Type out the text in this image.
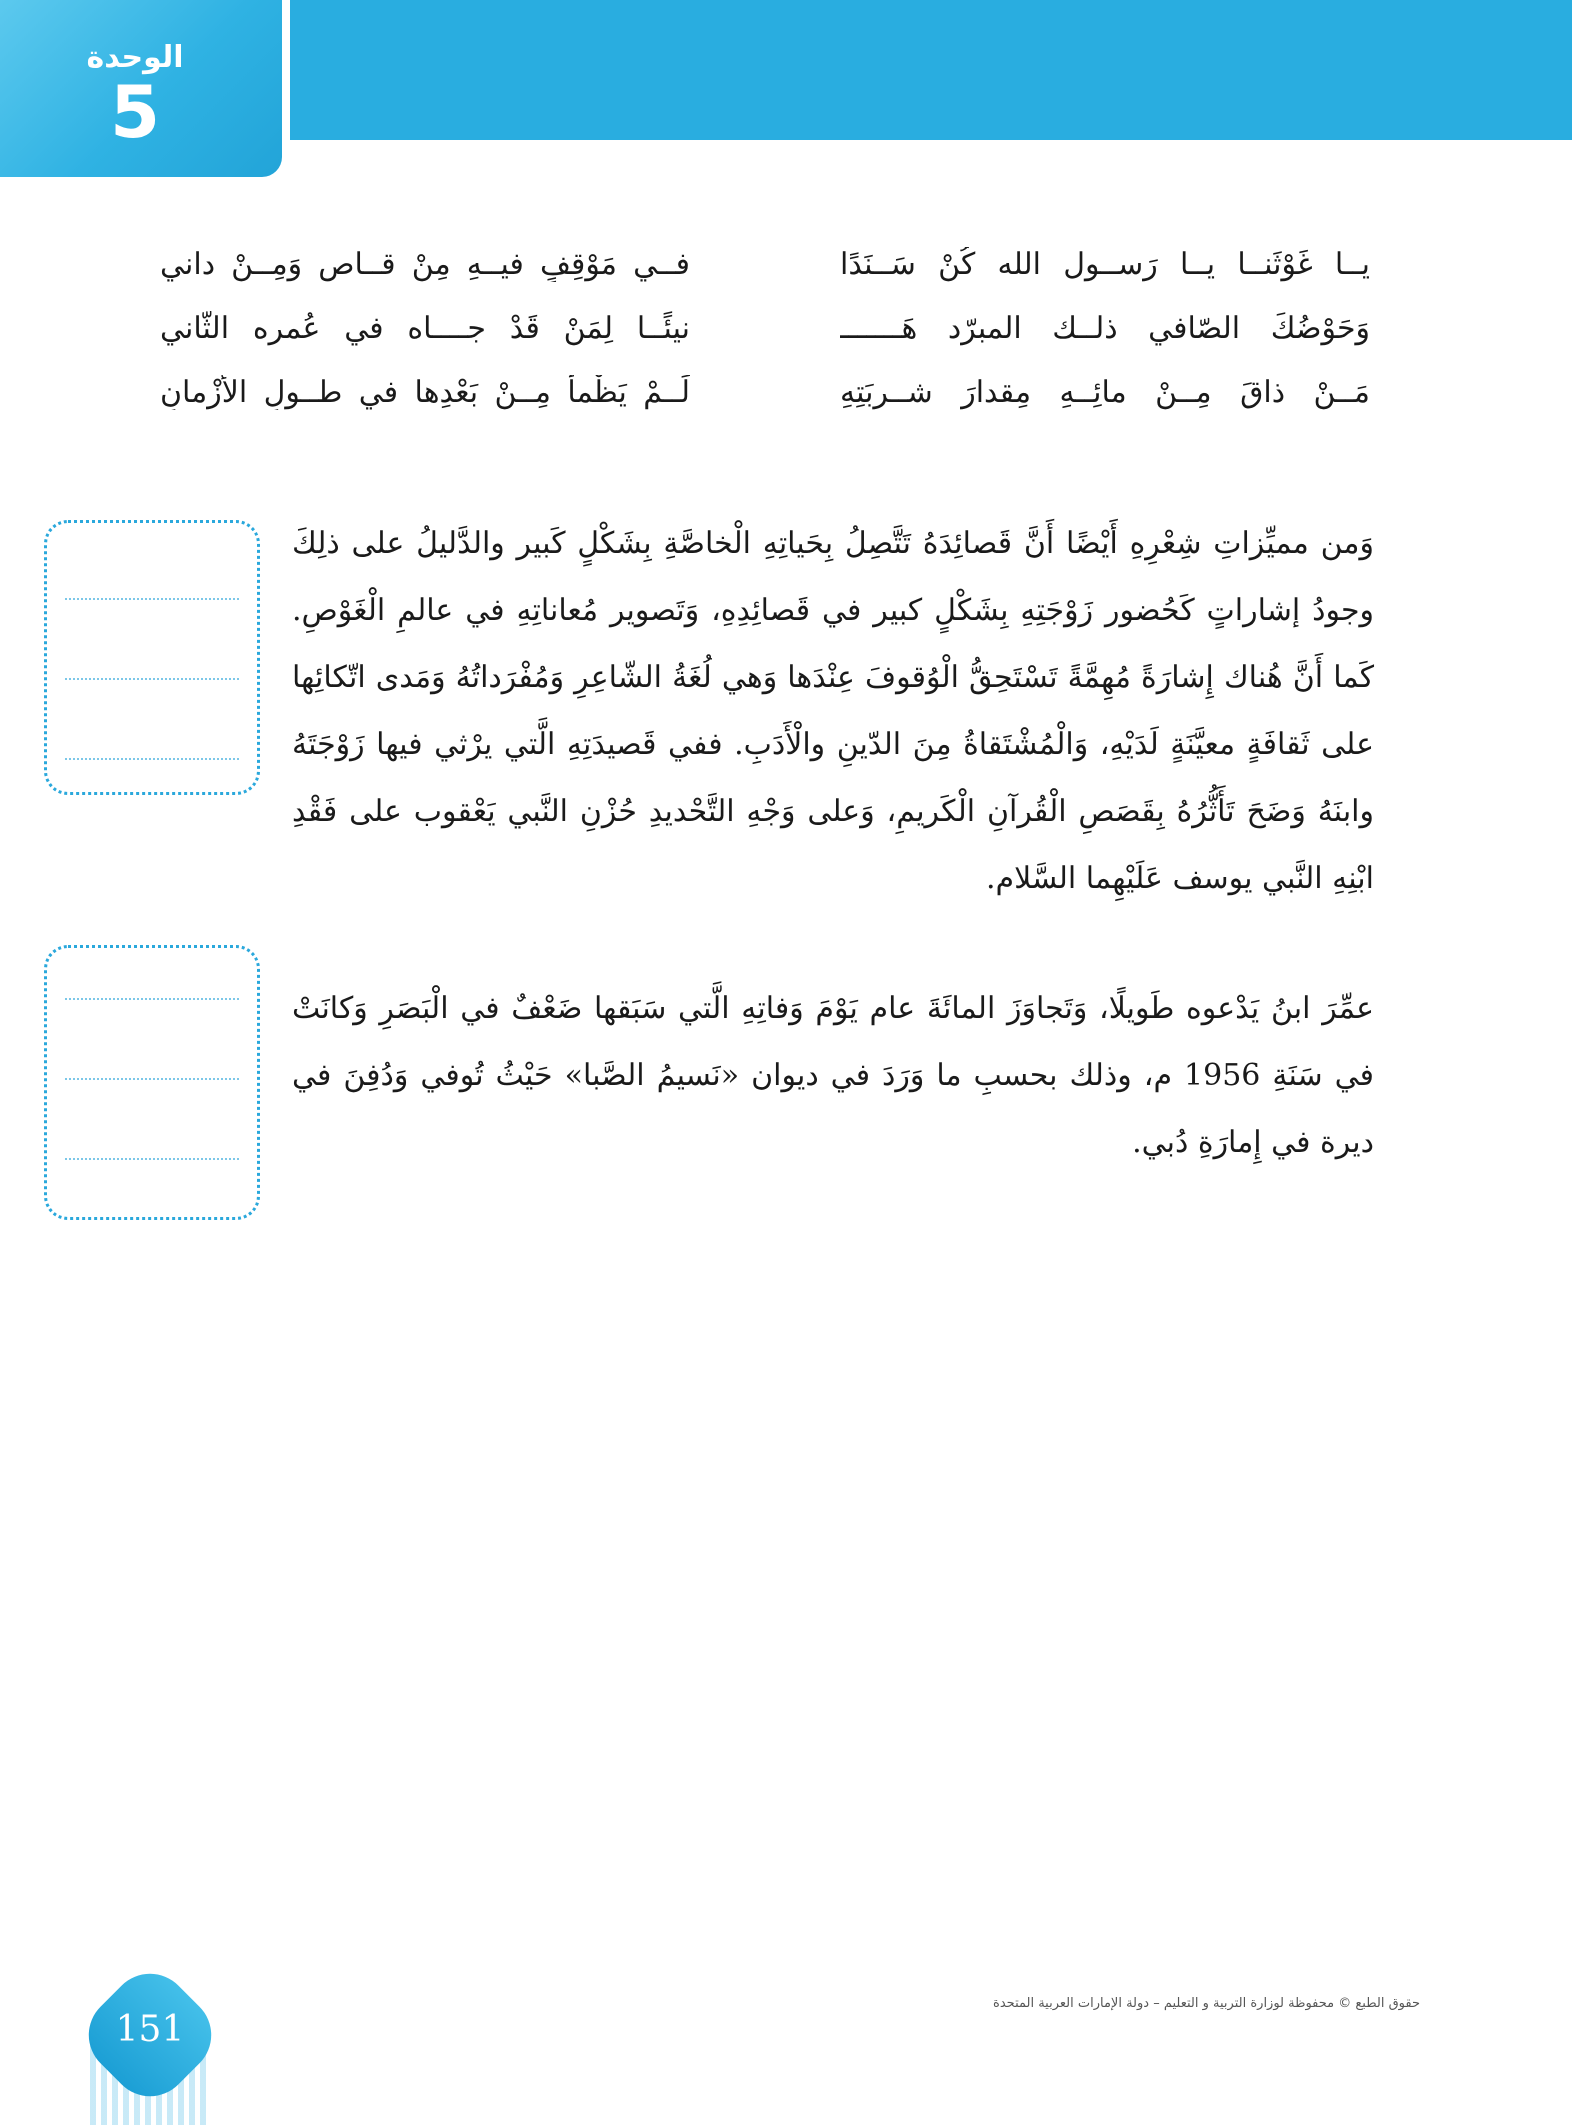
الوحدة
5
يــا غَوْثَنــا يــا رَســول الله كُنْ سَــنَدًا
فــي مَوْقِفٍ فيــهِ مِنْ قــاصٍ وَمِــنْ داني
وَحَوْضُكَ الصّافي ذلــك المبرّد هَـــــــ
نيئًــا لِمَنْ قَدْ جــــاه في عُمرِه الثّاني
مَــنْ ذاقَ مِــنْ مائِــهِ مِقدارَ شــربَتِهِ
لَــمْ يَظْمأْ مِــنْ بَعْدِها في طــولِ الأَزْمانِ
وَمن مميِّزاتِ شِعْرِهِ أَيْضًا أَنَّ قَصائِدَهُ تَتَّصِلُ بِحَياتِهِ الْخاصَّةِ بِشَكْلٍ كَبير والدَّليلُ على ذلِكَ وجودُ إشاراتٍ كَحُضور زَوْجَتِهِ بِشَكْلٍ كبير في قَصائِدِهِ، وَتَصوير مُعاناتِهِ في عالمِ الْغَوْصِ. كَما أَنَّ هُناك إِشارَةً مُهِمَّةً تَسْتَحِقُّ الْوُقوفَ عِنْدَها وَهي لُغَةُ الشّاعِرِ وَمُفْرَداتُهُ وَمَدى اتّكائِها على ثَقافَةٍ معيَّنَةٍ لَدَيْهِ، وَالْمُشْتَقاةُ مِنَ الدّينِ والْأَدَبِ. ففي قَصيدَتِهِ الَّتي يرْثي فيها زَوْجَتَهُ وابنَهُ وَضَحَ تَأَثُّرُهُ بِقَصَصِ الْقُرآنِ الْكَريمِ، وَعلى وَجْهِ التَّحْديدِ حُزْنِ النَّبي يَعْقوب على فَقْدِ ابْنِهِ النَّبي يوسف عَلَيْهِما السَّلام.
عمِّرَ ابنُ يَدْعوه طَويلًا، وَتَجاوَزَ المائَةَ عام يَوْمَ وَفاتِهِ الَّتي سَبَقها ضَعْفٌ في الْبَصَرِ وَكانَتْ في سَنَةِ 1956 م، وذلك بحسبِ ما وَرَدَ في ديوان «نَسيمُ الصَّبا» حَيْثُ تُوفي وَدُفِنَ في ديرة في إِمارَةِ دُبي.
151
حقوق الطبع © محفوظة لوزارة التربية و التعليم – دولة الإمارات العربية المتحدة
